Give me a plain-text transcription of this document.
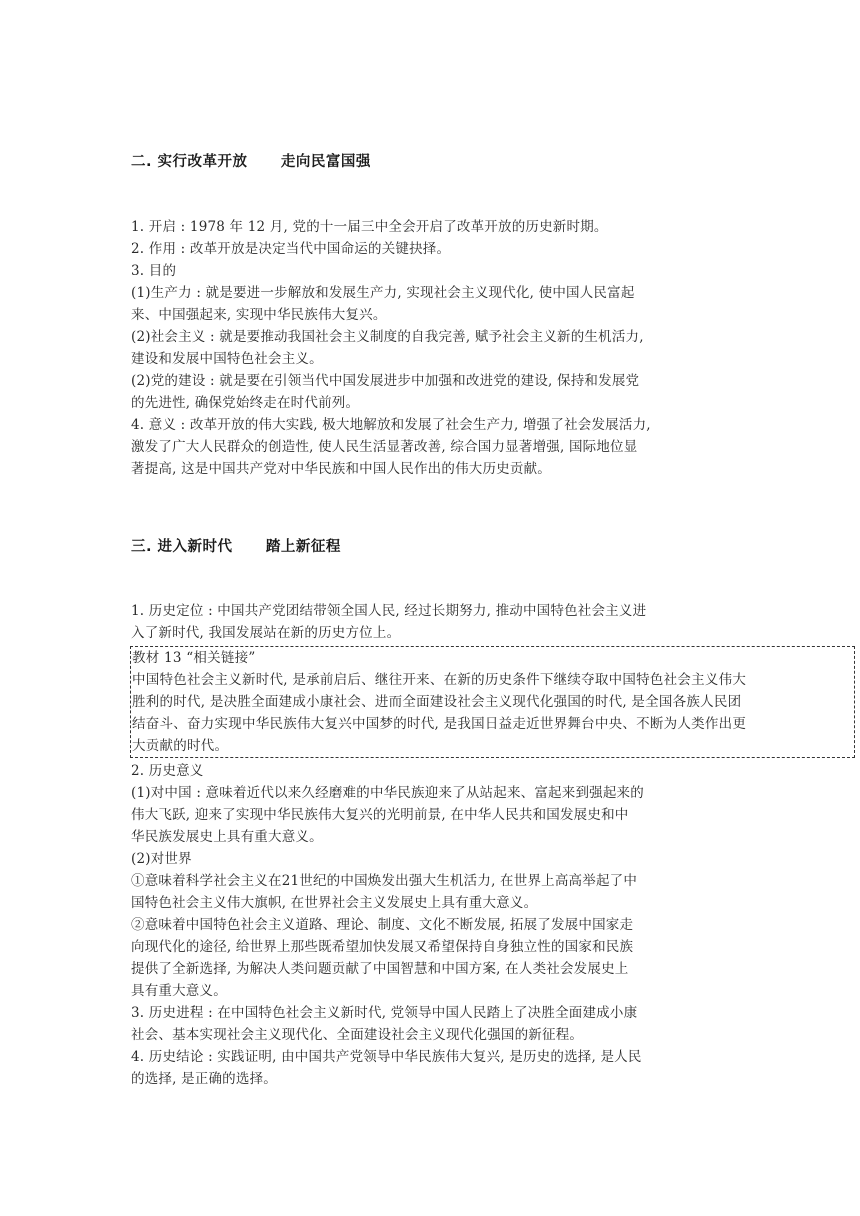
二. 实行改革开放      走向民富国强
1. 开启 : 1978 年 12 月, 党的十一届三中全会开启了改革开放的历史新时期。
2. 作用 : 改革开放是决定当代中国命运的关键抉择。
3. 目的
(1)生产力 : 就是要进一步解放和发展生产力, 实现社会主义现代化, 使中国人民富起
来、中国强起来, 实现中华民族伟大复兴。
(2)社会主义 : 就是要推动我国社会主义制度的自我完善, 赋予社会主义新的生机活力,
建设和发展中国特色社会主义。
(2)党的建设 : 就是要在引领当代中国发展进步中加强和改进党的建设, 保持和发展党
的先进性, 确保党始终走在时代前列。
4. 意义 : 改革开放的伟大实践, 极大地解放和发展了社会生产力, 增强了社会发展活力,
激发了广大人民群众的创造性, 使人民生活显著改善, 综合国力显著增强, 国际地位显
著提高, 这是中国共产党对中华民族和中国人民作出的伟大历史贡献。
三. 进入新时代      踏上新征程
1. 历史定位 : 中国共产党团结带领全国人民, 经过长期努力, 推动中国特色社会主义进
入了新时代, 我国发展站在新的历史方位上。
教材 13 “相关链接”
中国特色社会主义新时代, 是承前启后、继往开来、在新的历史条件下继续夺取中国特色社会主义伟大
胜利的时代, 是决胜全面建成小康社会、进而全面建设社会主义现代化强国的时代, 是全国各族人民团
结奋斗、奋力实现中华民族伟大复兴中国梦的时代, 是我国日益走近世界舞台中央、不断为人类作出更
大贡献的时代。
2. 历史意义
(1)对中国 : 意味着近代以来久经磨难的中华民族迎来了从站起来、富起来到强起来的
伟大飞跃, 迎来了实现中华民族伟大复兴的光明前景, 在中华人民共和国发展史和中
华民族发展史上具有重大意义。
(2)对世界
①意味着科学社会主义在21世纪的中国焕发出强大生机活力, 在世界上高高举起了中
国特色社会主义伟大旗帜, 在世界社会主义发展史上具有重大意义。
②意味着中国特色社会主义道路、理论、制度、文化不断发展, 拓展了发展中国家走
向现代化的途径, 给世界上那些既希望加快发展又希望保持自身独立性的国家和民族
提供了全新选择, 为解决人类问题贡献了中国智慧和中国方案, 在人类社会发展史上
具有重大意义。
3. 历史进程 : 在中国特色社会主义新时代, 党领导中国人民踏上了决胜全面建成小康
社会、基本实现社会主义现代化、全面建设社会主义现代化强国的新征程。
4. 历史结论 : 实践证明, 由中国共产党领导中华民族伟大复兴, 是历史的选择, 是人民
的选择, 是正确的选择。
